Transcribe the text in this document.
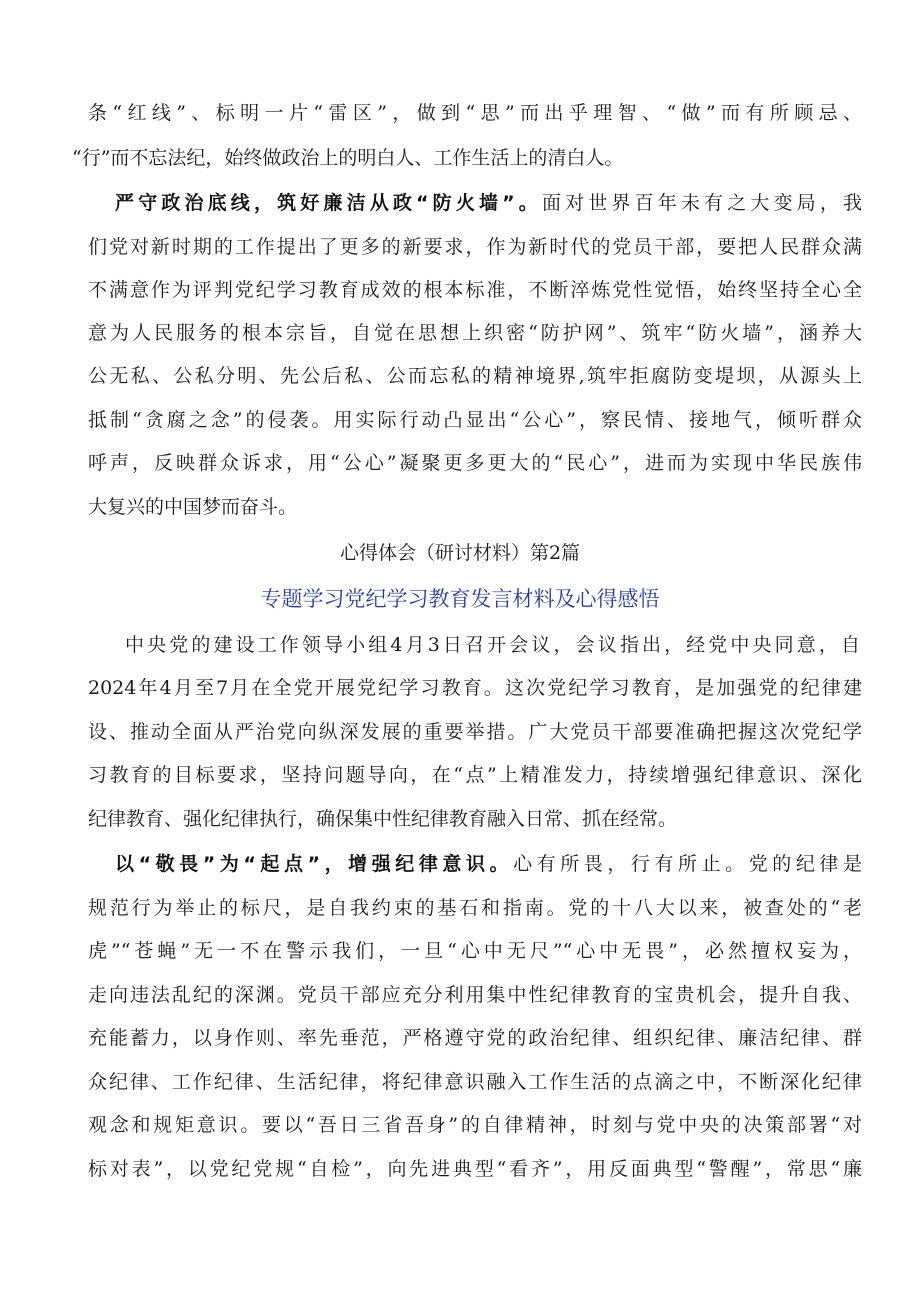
条“红线”、标明一片“雷区”，做到“思”而出乎理智、“做”而有所顾忌、
“行”而不忘法纪，始终做政治上的明白人、工作生活上的清白人。
严守政治底线，筑好廉洁从政“防火墙”。面对世界百年未有之大变局，我
们党对新时期的工作提出了更多的新要求，作为新时代的党员干部，要把人民群众满
不满意作为评判党纪学习教育成效的根本标准，不断淬炼党性觉悟，始终坚持全心全
意为人民服务的根本宗旨，自觉在思想上织密“防护网”、筑牢“防火墙”，涵养大
公无私、公私分明、先公后私、公而忘私的精神境界,筑牢拒腐防变堤坝，从源头上
抵制“贪腐之念”的侵袭。用实际行动凸显出“公心”，察民情、接地气，倾听群众
呼声，反映群众诉求，用“公心”凝聚更多更大的“民心”，进而为实现中华民族伟
大复兴的中国梦而奋斗。
心得体会（研讨材料）第2篇
专题学习党纪学习教育发言材料及心得感悟
中央党的建设工作领导小组4月3日召开会议，会议指出，经党中央同意，自
2024年4月至7月在全党开展党纪学习教育。这次党纪学习教育，是加强党的纪律建
设、推动全面从严治党向纵深发展的重要举措。广大党员干部要准确把握这次党纪学
习教育的目标要求，坚持问题导向，在“点”上精准发力，持续增强纪律意识、深化
纪律教育、强化纪律执行，确保集中性纪律教育融入日常、抓在经常。
以“敬畏”为“起点”，增强纪律意识。心有所畏，行有所止。党的纪律是
规范行为举止的标尺，是自我约束的基石和指南。党的十八大以来，被查处的“老
虎”“苍蝇”无一不在警示我们，一旦“心中无尺”“心中无畏”，必然擅权妄为，
走向违法乱纪的深渊。党员干部应充分利用集中性纪律教育的宝贵机会，提升自我、
充能蓄力，以身作则、率先垂范，严格遵守党的政治纪律、组织纪律、廉洁纪律、群
众纪律、工作纪律、生活纪律，将纪律意识融入工作生活的点滴之中，不断深化纪律
观念和规矩意识。要以“吾日三省吾身”的自律精神，时刻与党中央的决策部署“对
标对表”，以党纪党规“自检”，向先进典型“看齐”，用反面典型“警醒”，常思“廉
